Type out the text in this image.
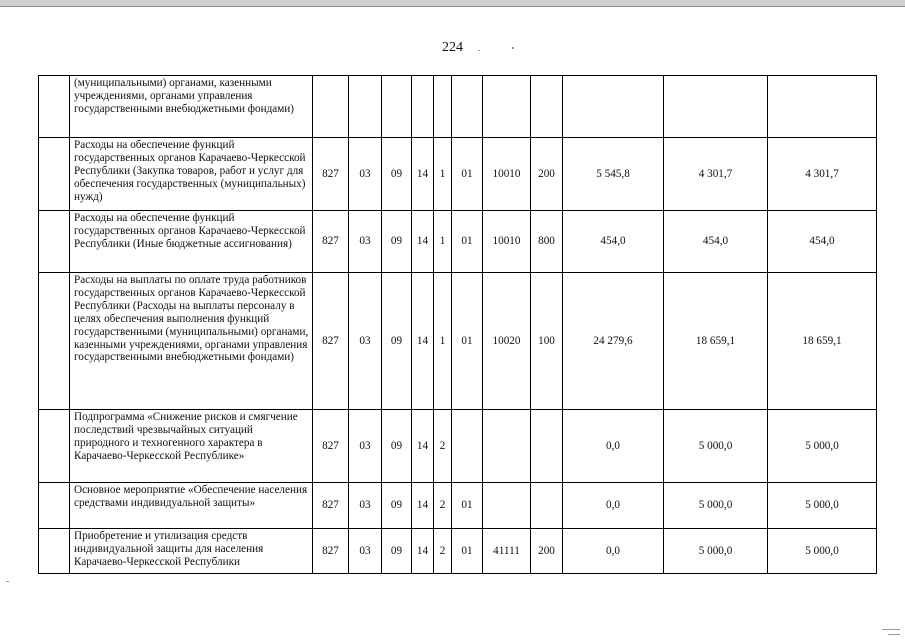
224
	(муниципальными) органами, казенными учреждениями, органами управления государственными внебюджетными фондами)											
	Расходы на обеспечение функций государственных органов Карачаево-Черкесской Республики (Закупка товаров, работ и услуг для обеспечения государственных (муниципальных) нужд)	827	03	09	14	1	01	10010	200	5 545,8	4 301,7	4 301,7
	Расходы на обеспечение функций государственных органов Карачаево-Черкесской Республики (Иные бюджетные ассигнования)	827	03	09	14	1	01	10010	800	454,0	454,0	454,0
	Расходы на выплаты по оплате труда работников государственных органов Карачаево-Черкесской Республики (Расходы на выплаты персоналу в целях обеспечения выполнения функций государственными (муниципальными) органами, казенными учреждениями, органами управления государственными внебюджетными фондами)	827	03	09	14	1	01	10020	100	24 279,6	18 659,1	18 659,1
	Подпрограмма «Снижение рисков и смягчение последствий чрезвычайных ситуаций природного и техногенного характера в Карачаево-Черкесской Республике»	827	03	09	14	2				0,0	5 000,0	5 000,0
	Основное мероприятие «Обеспечение населения средствами индивидуальной защиты»	827	03	09	14	2	01			0,0	5 000,0	5 000,0
	Приобретение и утилизация средств индивидуальной защиты для населения Карачаево-Черкесской Республики	827	03	09	14	2	01	41111	200	0,0	5 000,0	5 000,0
